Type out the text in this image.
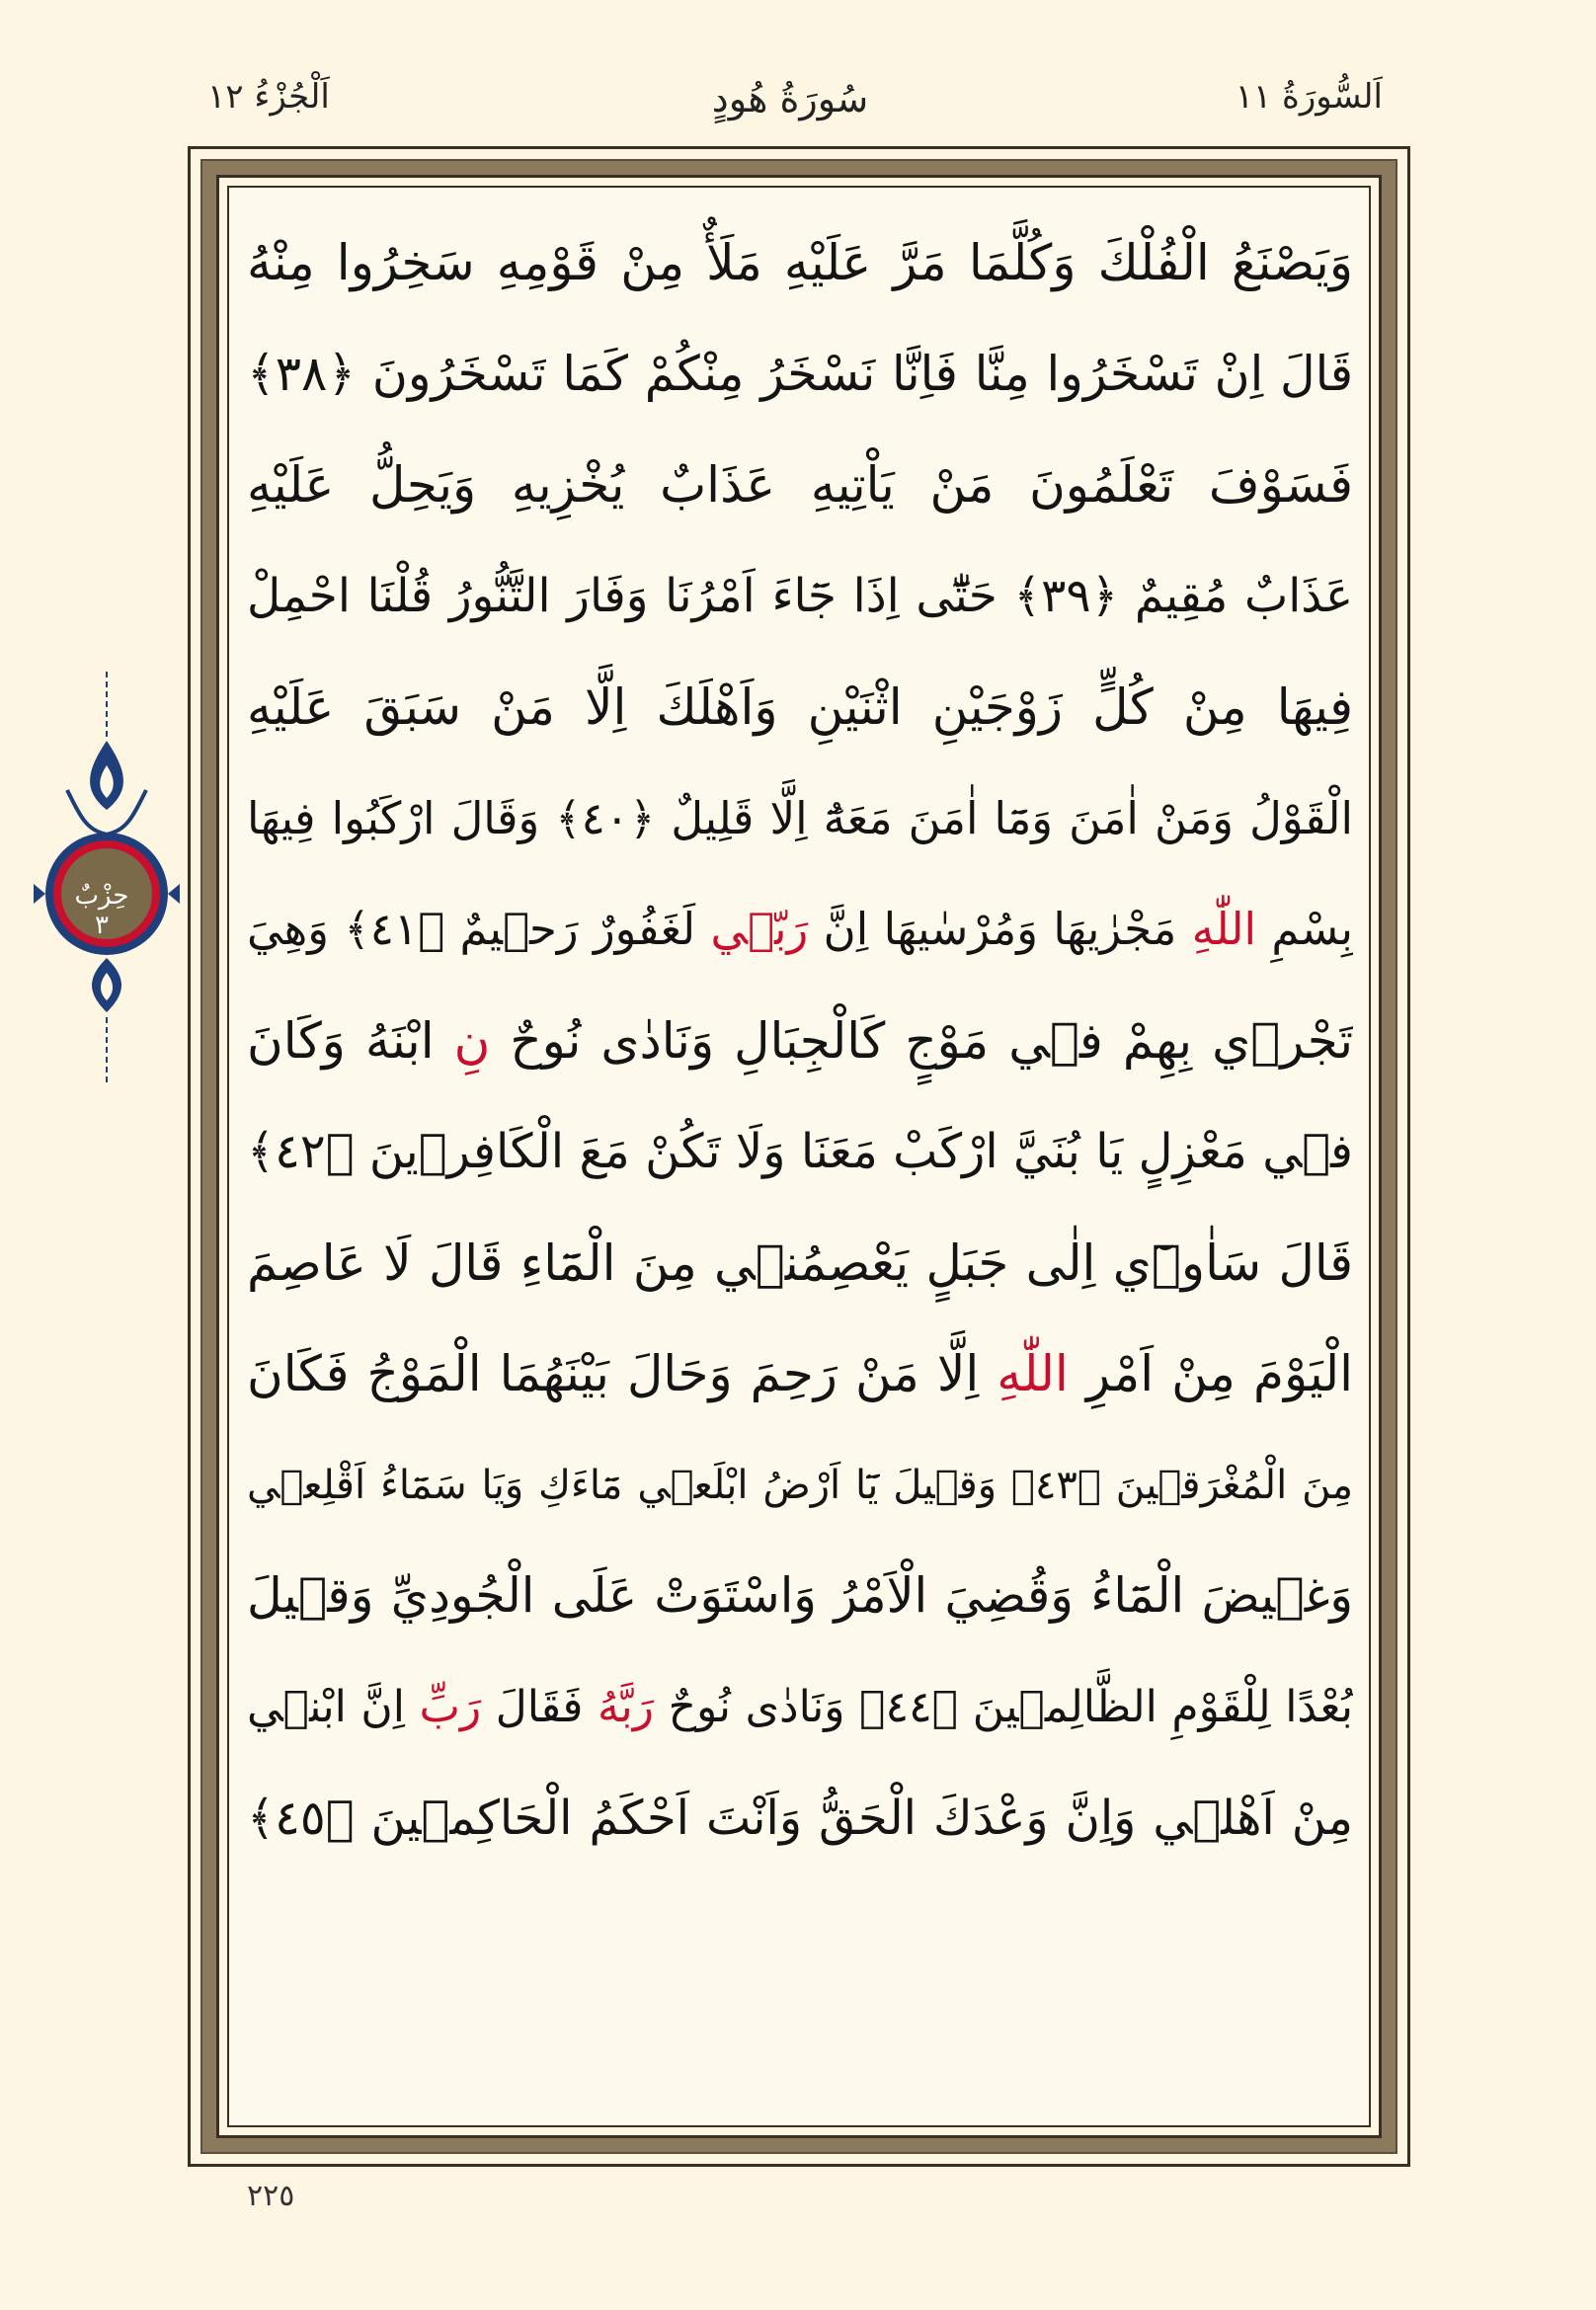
اَلسُّورَةُ ١١
سُورَةُ هُودٍ
اَلْجُزْءُ ١٢
حِزْبٌ
٣
وَيَصْنَعُ الْفُلْكَ وَكُلَّمَا مَرَّ عَلَيْهِ مَلَأٌ مِنْ قَوْمِهِ سَخِرُوا مِنْهُ
قَالَ اِنْ تَسْخَرُوا مِنَّا فَاِنَّا نَسْخَرُ مِنْكُمْ كَمَا تَسْخَرُونَ ﴿٣٨﴾
فَسَوْفَ تَعْلَمُونَ مَنْ يَاْتِيهِ عَذَابٌ يُخْزِيهِ وَيَحِلُّ عَلَيْهِ
عَذَابٌ مُقِيمٌ ﴿٣٩﴾ حَتّٰٓى اِذَا جَٓاءَ اَمْرُنَا وَفَارَ التَّنُّورُ قُلْنَا احْمِلْ
فِيهَا مِنْ كُلٍّ زَوْجَيْنِ اثْنَيْنِ وَاَهْلَكَ اِلَّا مَنْ سَبَقَ عَلَيْهِ
الْقَوْلُ وَمَنْ اٰمَنَ وَمَٓا اٰمَنَ مَعَهُٓ اِلَّا قَلِيلٌ ﴿٤٠﴾ وَقَالَ ارْكَبُوا فِيهَا
بِسْمِ اللّٰهِ مَجْرٰيهَا وَمُرْسٰيهَا اِنَّ رَبّ۪ي لَغَفُورٌ رَح۪يمٌ ﴿٤١﴾ وَهِيَ
تَجْر۪ي بِهِمْ ف۪ي مَوْجٍ كَالْجِبَالِ وَنَادٰى نُوحٌ نِ ابْنَهُ وَكَانَ
ف۪ي مَعْزِلٍ يَا بُنَيَّ ارْكَبْ مَعَنَا وَلَا تَكُنْ مَعَ الْكَافِر۪ينَ ﴿٤٢﴾
قَالَ سَاٰو۪ٓي اِلٰى جَبَلٍ يَعْصِمُن۪ي مِنَ الْمَٓاءِ قَالَ لَا عَاصِمَ
الْيَوْمَ مِنْ اَمْرِ اللّٰهِ اِلَّا مَنْ رَحِمَ وَحَالَ بَيْنَهُمَا الْمَوْجُ فَكَانَ
مِنَ الْمُغْرَق۪ينَ ﴿٤٣﴾ وَق۪يلَ يَٓا اَرْضُ ابْلَع۪ي مَٓاءَكِ وَيَا سَمَٓاءُ اَقْلِع۪ي
وَغ۪يضَ الْمَٓاءُ وَقُضِيَ الْاَمْرُ وَاسْتَوَتْ عَلَى الْجُودِيِّ وَق۪يلَ
بُعْدًا لِلْقَوْمِ الظَّالِم۪ينَ ﴿٤٤﴾ وَنَادٰى نُوحٌ رَبَّهُ فَقَالَ رَبِّ اِنَّ ابْن۪ي
مِنْ اَهْل۪ي وَاِنَّ وَعْدَكَ الْحَقُّ وَاَنْتَ اَحْكَمُ الْحَاكِم۪ينَ ﴿٤٥﴾
٢٢٥
